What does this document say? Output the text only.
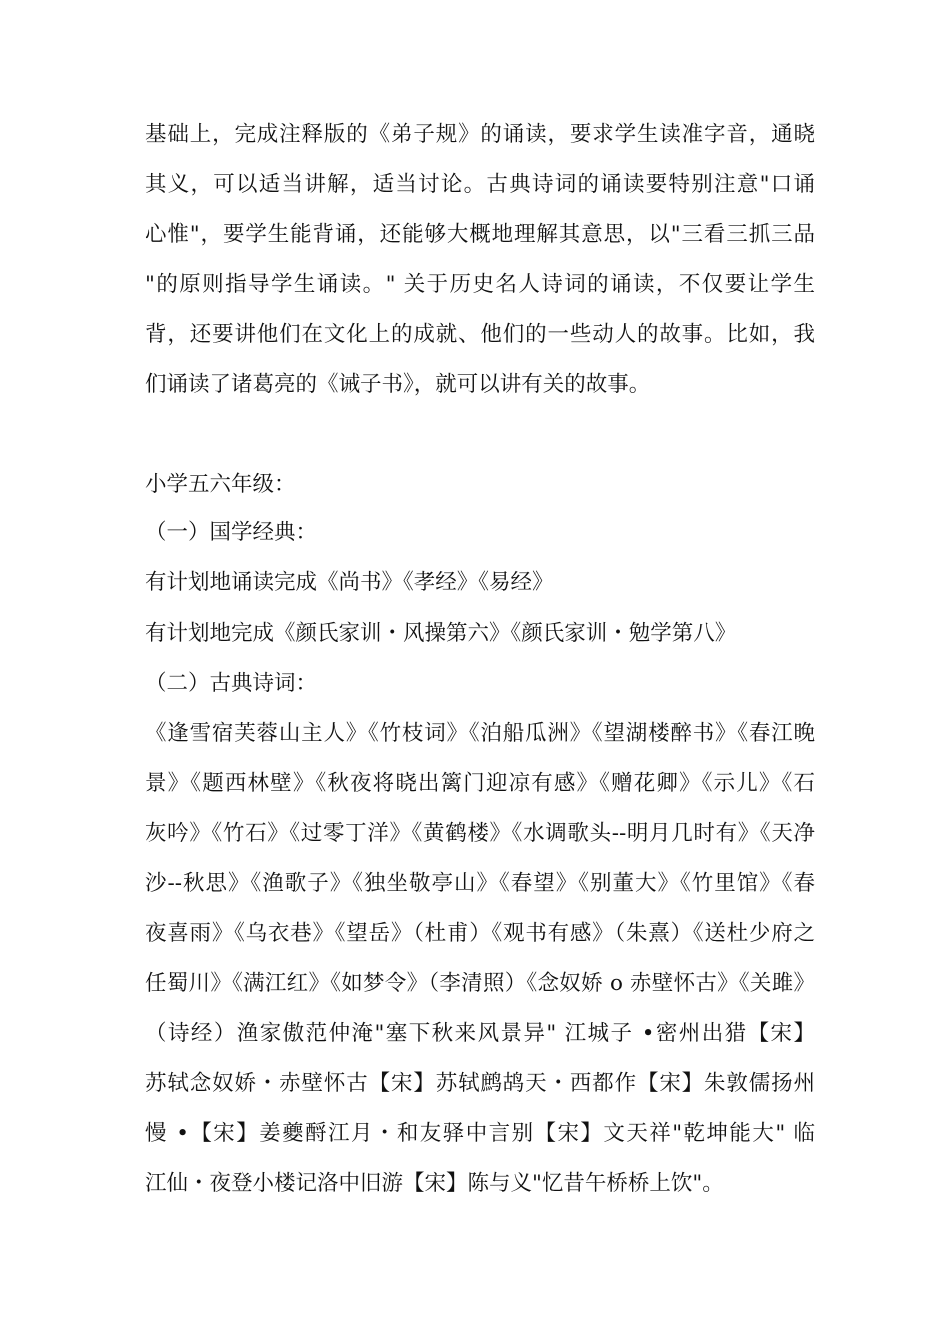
基础上，完成注释版的《弟子规》的诵读，要求学生读准字音，通晓
其义，可以适当讲解，适当讨论。古典诗词的诵读要特别注意"口诵
心惟"，要学生能背诵，还能够大概地理解其意思，以"三看三抓三品
"的原则指导学生诵读。" 关于历史名人诗词的诵读，不仅要让学生
背，还要讲他们在文化上的成就、他们的一些动人的故事。比如，我
们诵读了诸葛亮的《诫子书》，就可以讲有关的故事。
小学五六年级：
（一）国学经典：
有计划地诵读完成《尚书》《孝经》《易经》
有计划地完成《颜氏家训・风操第六》《颜氏家训・勉学第八》
（二）古典诗词：
《逢雪宿芙蓉山主人》《竹枝词》《泊船瓜洲》《望湖楼醉书》《春江晚
景》《题西林壁》《秋夜将晓出篱门迎凉有感》《赠花卿》《示儿》《石
灰吟》《竹石》《过零丁洋》《黄鹤楼》《水调歌头--明月几时有》《天净
沙--秋思》《渔歌子》《独坐敬亭山》《春望》《别董大》《竹里馆》《春
夜喜雨》《乌衣巷》《望岳》（杜甫）《观书有感》（朱熹）《送杜少府之
任蜀川》《满江红》《如梦令》（李清照）《念奴娇 o 赤壁怀古》《关雎》
（诗经）渔家傲范仲淹"塞下秋来风景异" 江城子 •密州出猎【宋】
苏轼念奴娇・赤壁怀古【宋】苏轼鹧鸪天・西都作【宋】朱敦儒扬州
慢 •【宋】姜夔酹江月・和友驿中言别【宋】文天祥"乾坤能大" 临
江仙・夜登小楼记洛中旧游【宋】陈与义"忆昔午桥桥上饮"。
